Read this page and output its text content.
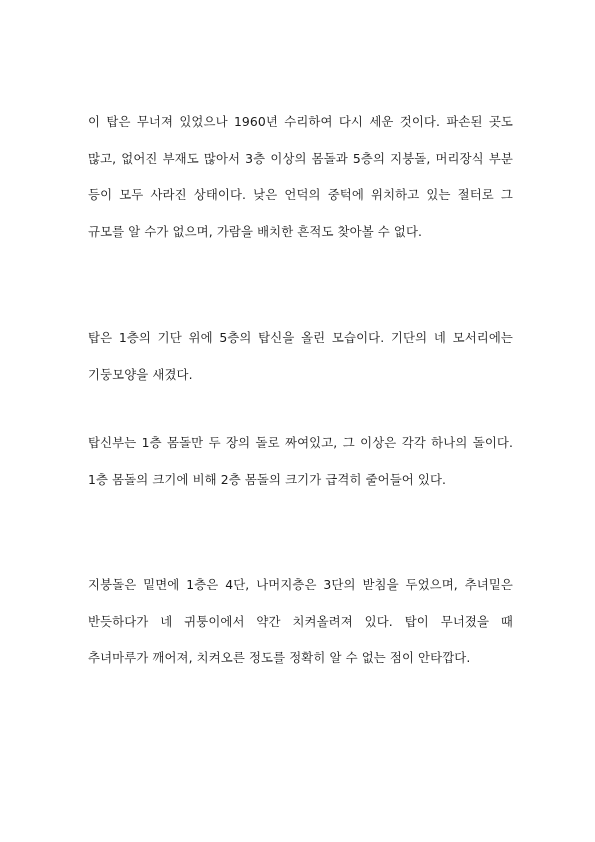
이 탑은 무너져 있었으나 1960년 수리하여 다시 세운 것이다. 파손된 곳도 많고, 없어진 부재도 많아서 3층 이상의 몸돌과 5층의 지붕돌, 머리장식 부분 등이 모두 사라진 상태이다. 낮은 언덕의 중턱에 위치하고 있는 절터로 그 규모를 알 수가 없으며, 가람을 배치한 흔적도 찾아볼 수 없다.

탑은 1층의 기단 위에 5층의 탑신을 올린 모습이다. 기단의 네 모서리에는 기둥모양을 새겼다.

탑신부는 1층 몸돌만 두 장의 돌로 짜여있고, 그 이상은 각각 하나의 돌이다. 1층 몸돌의 크기에 비해 2층 몸돌의 크기가 급격히 줄어들어 있다.

지붕돌은 밑면에 1층은 4단, 나머지층은 3단의 받침을 두었으며, 추녀밑은 반듯하다가 네 귀퉁이에서 약간 치켜올려져 있다. 탑이 무너졌을 때 추녀마루가 깨어져, 치켜오른 정도를 정확히 알 수 없는 점이 안타깝다.
